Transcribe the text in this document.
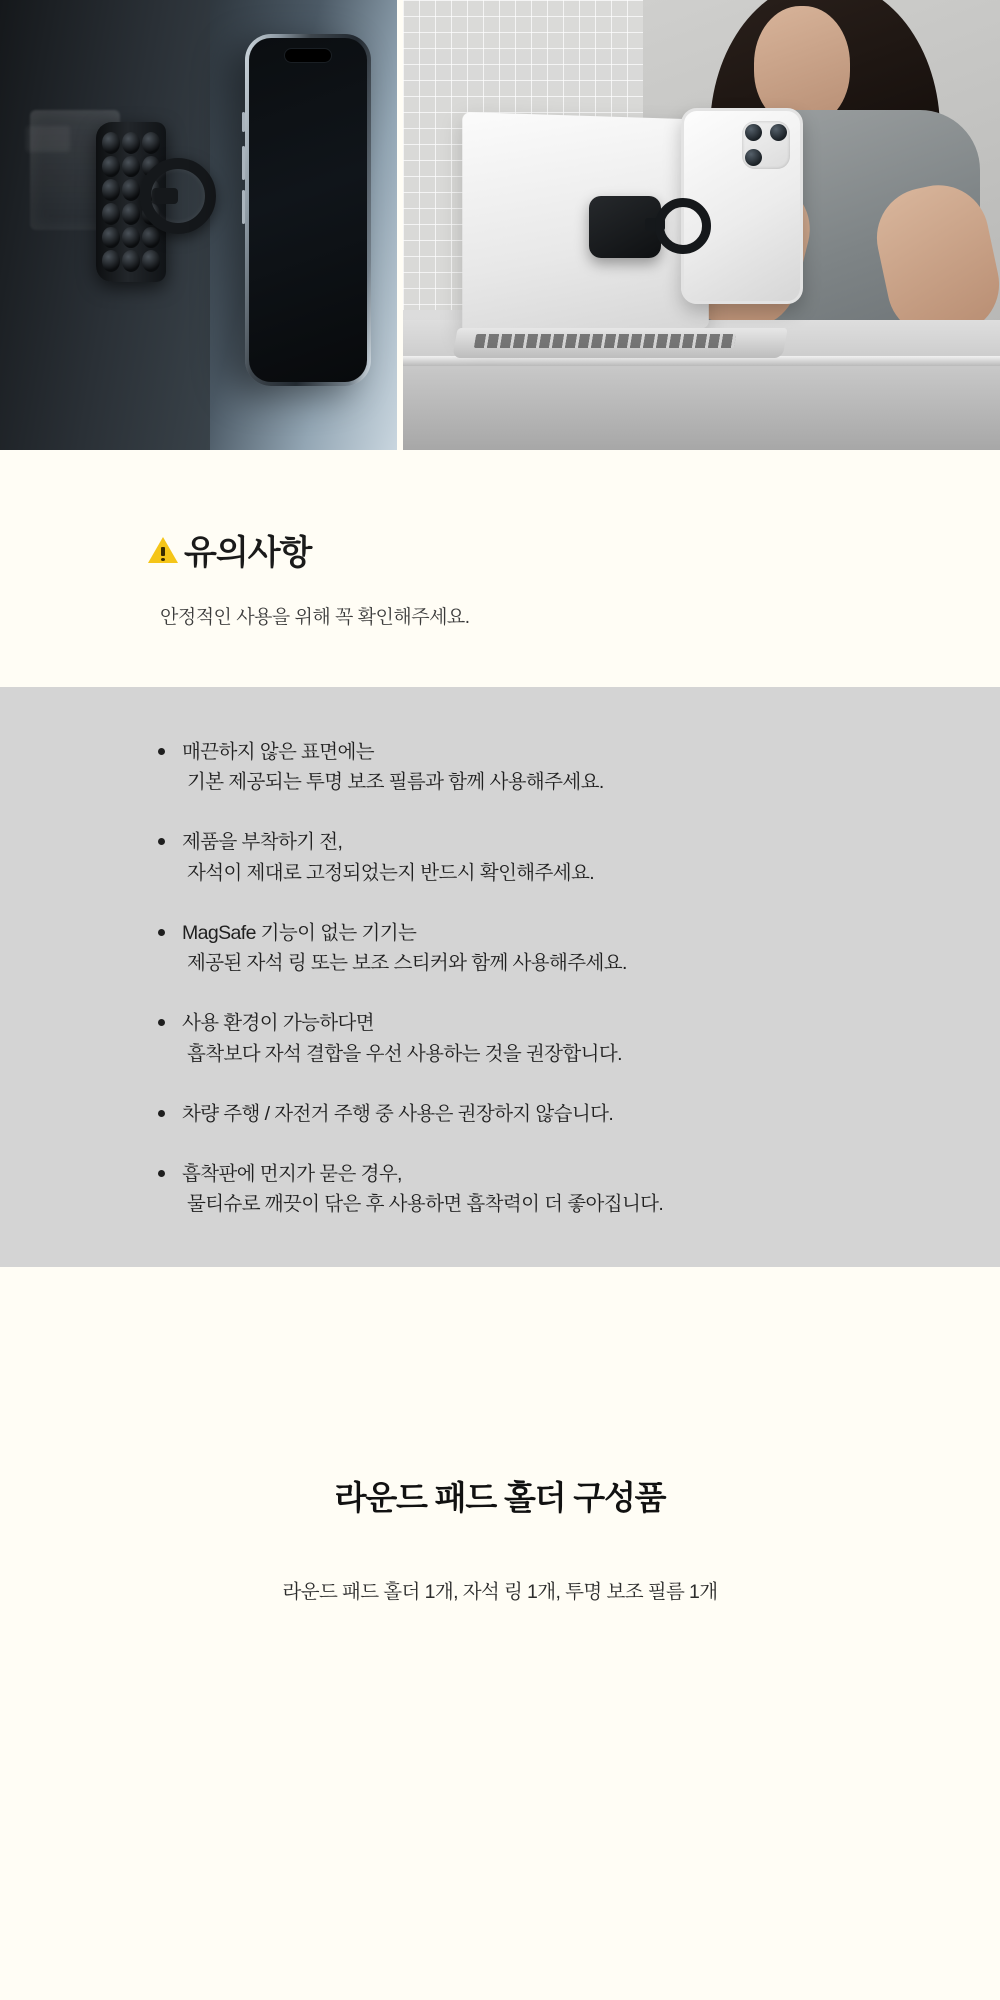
유의사항
안정적인 사용을 위해 꼭 확인해주세요.
매끈하지 않은 표면에는
기본 제공되는 투명 보조 필름과 함께 사용해주세요.
제품을 부착하기 전,
자석이 제대로 고정되었는지 반드시 확인해주세요.
MagSafe 기능이 없는 기기는
제공된 자석 링 또는 보조 스티커와 함께 사용해주세요.
사용 환경이 가능하다면
흡착보다 자석 결합을 우선 사용하는 것을 권장합니다.
차량 주행 / 자전거 주행 중 사용은 권장하지 않습니다.
흡착판에 먼지가 묻은 경우,
물티슈로 깨끗이 닦은 후 사용하면 흡착력이 더 좋아집니다.
라운드 패드 홀더 구성품
라운드 패드 홀더 1개, 자석 링 1개, 투명 보조 필름 1개
